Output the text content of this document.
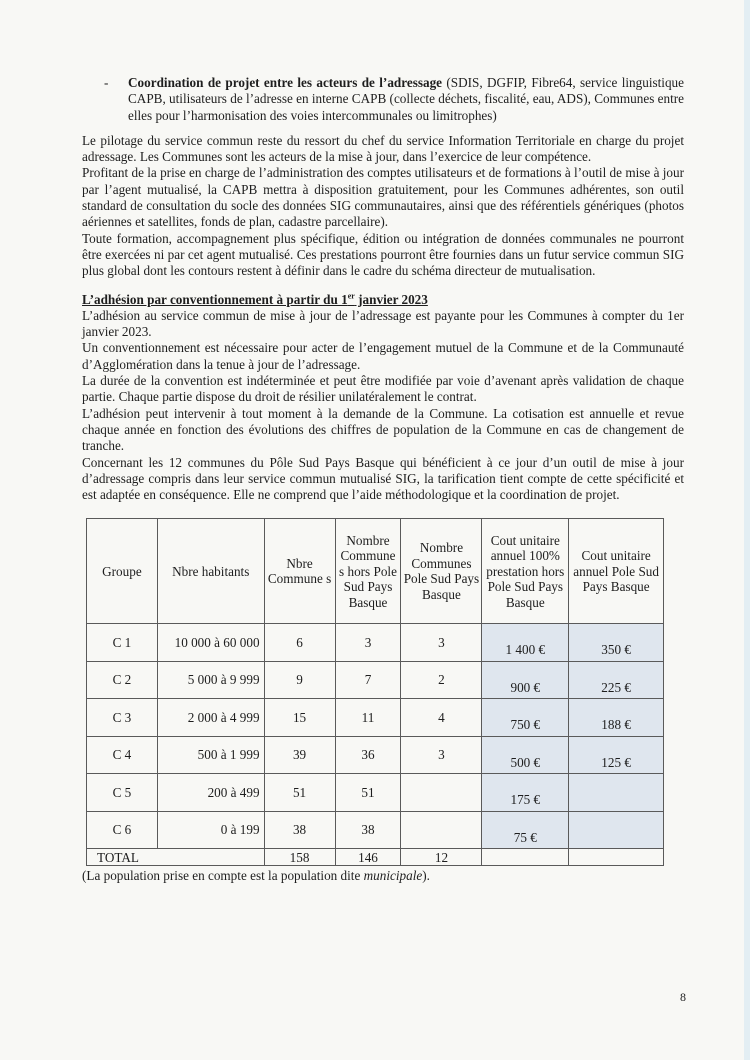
- Coordination de projet entre les acteurs de l’adressage (SDIS, DGFIP, Fibre64, service linguistique CAPB, utilisateurs de l’adresse en interne CAPB (collecte déchets, fiscalité, eau, ADS), Communes entre elles pour l’harmonisation des voies intercommunales ou limitrophes)

Le pilotage du service commun reste du ressort du chef du service Information Territoriale en charge du projet adressage. Les Communes sont les acteurs de la mise à jour, dans l’exercice de leur compétence.

Profitant de la prise en charge de l’administration des comptes utilisateurs et de formations à l’outil de mise à jour par l’agent mutualisé, la CAPB mettra à disposition gratuitement, pour les Communes adhérentes, son outil standard de consultation du socle des données SIG communautaires, ainsi que des référentiels génériques (photos aériennes et satellites, fonds de plan, cadastre parcellaire).

Toute formation, accompagnement plus spécifique, édition ou intégration de données communales ne pourront être exercées ni par cet agent mutualisé. Ces prestations pourront être fournies dans un futur service commun SIG plus global dont les contours restent à définir dans le cadre du schéma directeur de mutualisation.

L’adhésion par conventionnement à partir du 1er janvier 2023

L’adhésion au service commun de mise à jour de l’adressage est payante pour les Communes à compter du 1er janvier 2023.

Un conventionnement est nécessaire pour acter de l’engagement mutuel de la Commune et de la Communauté d’Agglomération dans la tenue à jour de l’adressage.

La durée de la convention est indéterminée et peut être modifiée par voie d’avenant après validation de chaque partie. Chaque partie dispose du droit de résilier unilatéralement le contrat.

L’adhésion peut intervenir à tout moment à la demande de la Commune. La cotisation est annuelle et revue chaque année en fonction des évolutions des chiffres de population de la Commune en cas de changement de tranche.

Concernant les 12 communes du Pôle Sud Pays Basque qui bénéficient à ce jour d’un outil de mise à jour d’adressage compris dans leur service commun mutualisé SIG, la tarification tient compte de cette spécificité et est adaptée en conséquence. Elle ne comprend que l’aide méthodologique et la coordination de projet.

Groupe	Nbre habitants	Nbre Commune s	Nombre Commune s hors Pole Sud Pays Basque	Nombre Communes Pole Sud Pays Basque	Cout unitaire annuel 100% prestation hors Pole Sud Pays Basque	Cout unitaire annuel Pole Sud Pays Basque
C 1	10 000 à 60 000	6	3	3	1 400 €	350 €
C 2	5 000 à 9 999	9	7	2	900 €	225 €
C 3	2 000 à 4 999	15	11	4	750 €	188 €
C 4	500 à 1 999	39	36	3	500 €	125 €
C 5	200 à 499	51	51		175 €	
C 6	0 à 199	38	38		75 €	
TOTAL		158	146	12		
(La population prise en compte est la population dite municipale).
8
